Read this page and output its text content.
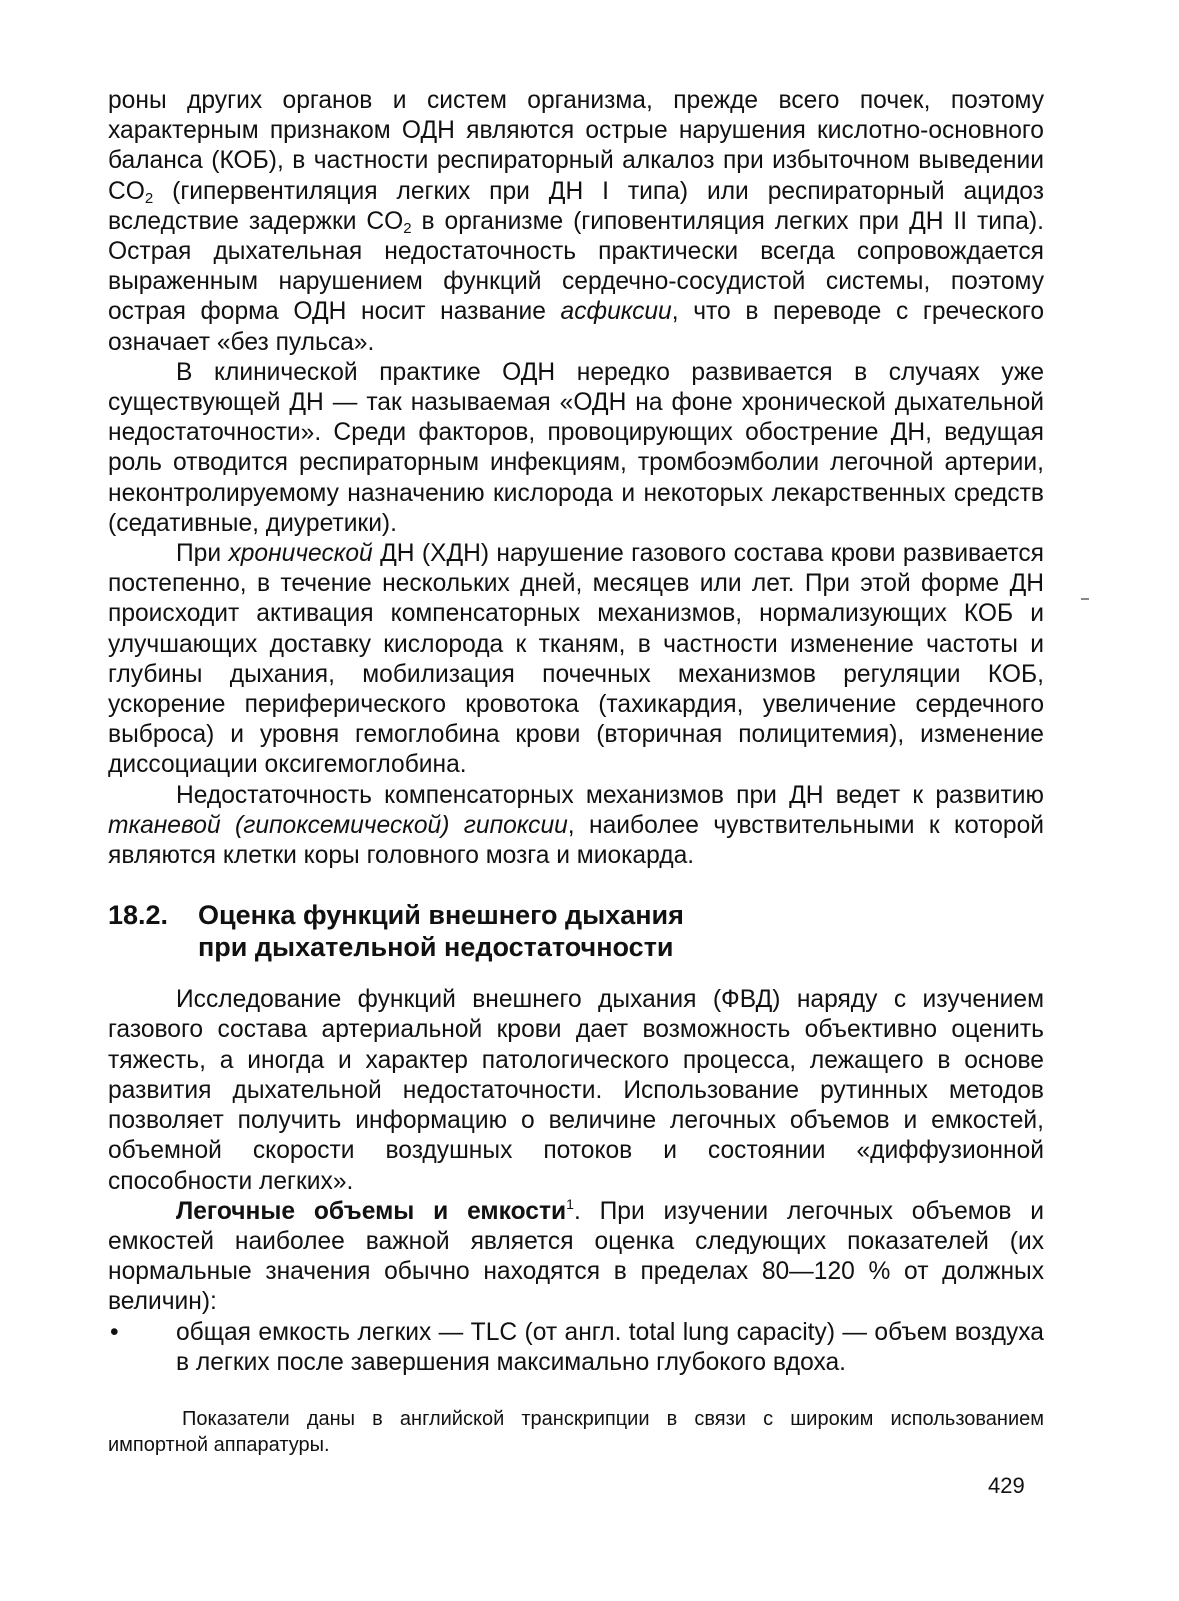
роны других органов и систем организма, прежде всего почек, поэтому характерным признаком ОДН являются острые нарушения кислотно-основного баланса (КОБ), в частности респираторный алкалоз при избыточном выведении $CO_2$ (гипервентиляция легких при ДН I типа) или респираторный ацидоз вследствие задержки $CO_2$ в организме (гиповентиляция легких при ДН II типа). Острая дыхательная недостаточность практически всегда сопровождается выраженным нарушением функций сердечно-сосудистой системы, поэтому острая форма ОДН носит название асфиксии, что в переводе с греческого означает «без пульса».

В клинической практике ОДН нередко развивается в случаях уже существующей ДН — так называемая «ОДН на фоне хронической дыхательной недостаточности». Среди факторов, провоцирующих обострение ДН, ведущая роль отводится респираторным инфекциям, тромбоэмболии легочной артерии, неконтролируемому назначению кислорода и некоторых лекарственных средств (седативные, диуретики).

При хронической ДН (ХДН) нарушение газового состава крови развивается постепенно, в течение нескольких дней, месяцев или лет. При этой форме ДН происходит активация компенсаторных механизмов, нормализующих КОБ и улучшающих доставку кислорода к тканям, в частности изменение частоты и глубины дыхания, мобилизация почечных механизмов регуляции КОБ, ускорение периферического кровотока (тахикардия, увеличение сердечного выброса) и уровня гемоглобина крови (вторичная полицитемия), изменение диссоциации оксигемоглобина.

Недостаточность компенсаторных механизмов при ДН ведет к развитию тканевой (гипоксемической) гипоксии, наиболее чувствительными к которой являются клетки коры головного мозга и миокарда.

18.2.	Оценка функций внешнего дыхания
при дыхательной недостаточности

Исследование функций внешнего дыхания (ФВД) наряду с изучением газового состава артериальной крови дает возможность объективно оценить тяжесть, а иногда и характер патологического процесса, лежащего в основе развития дыхательной недостаточности. Использование рутинных методов позволяет получить информацию о величине легочных объемов и емкостей, объемной скорости воздушных потоков и состоянии «диффузионной способности легких».

Легочные объемы и емкости$^1$. При изучении легочных объемов и емкостей наиболее важной является оценка следующих показателей (их нормальные значения обычно находятся в пределах 80—120 % от должных величин):

• общая емкость легких — TLC (от англ. total lung capacity) — объем воздуха в легких после завершения максимально глубокого вдоха.

Показатели даны в английской транскрипции в связи с широким использованием импортной аппаратуры.

429
